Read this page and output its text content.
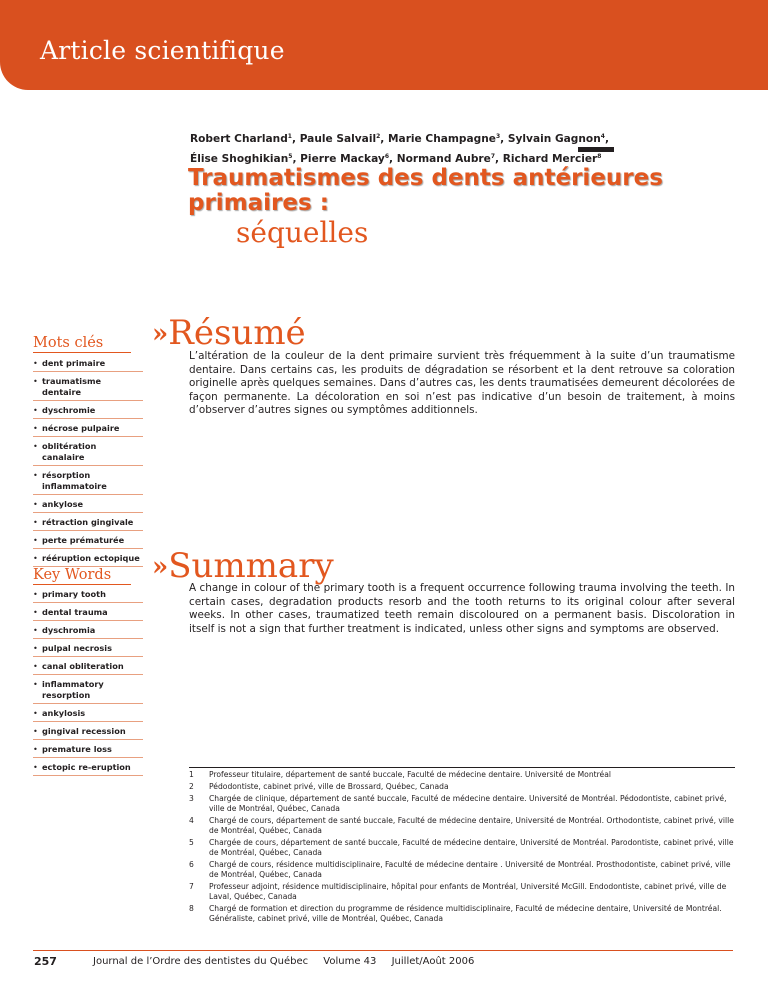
Article scientifique
Robert Charland$^1$, Paule Salvail$^2$, Marie Champagne$^3$, Sylvain Gagnon$^4$,
Élise Shoghikian$^5$, Pierre Mackay$^6$, Normand Aubre$^7$, Richard Mercier$^8$
Traumatismes des dents antérieures primaires :
séquelles
Mots clés
• dent primaire
• traumatisme dentaire
• dyschromie
• nécrose pulpaire
• oblitération canalaire
• résorption inflammatoire
• ankylose
• rétraction gingivale
• perte prématurée
• rééruption ectopique
Key Words
• primary tooth
• dental trauma
• dyschromia
• pulpal necrosis
• canal obliteration
• inflammatory resorption
• ankylosis
• gingival recession
• premature loss
• ectopic re-eruption
»Résumé
L’altération de la couleur de la dent primaire survient très fréquemment à la suite d’un traumatisme dentaire. Dans certains cas, les produits de dégradation se résorbent et la dent retrouve sa coloration originelle après quelques semaines. Dans d’autres cas, les dents traumatisées demeurent décolorées de façon permanente. La décoloration en soi n’est pas indicative d’un besoin de traitement, à moins d’observer d’autres signes ou symptômes additionnels.
»Summary
A change in colour of the primary tooth is a frequent occurrence following trauma involving the teeth. In certain cases, degradation products resorb and the tooth returns to its original colour after several weeks. In other cases, traumatized teeth remain discoloured on a permanent basis. Discoloration in itself is not a sign that further treatment is indicated, unless other signs and symptoms are observed.
1 Professeur titulaire, département de santé buccale, Faculté de médecine dentaire. Université de Montréal
2 Pédodontiste, cabinet privé, ville de Brossard, Québec, Canada
3 Chargée de clinique, département de santé buccale, Faculté de médecine dentaire. Université de Montréal. Pédodontiste, cabinet privé, ville de Montréal, Québec, Canada
4 Chargé de cours, département de santé buccale, Faculté de médecine dentaire, Université de Montréal. Orthodontiste, cabinet privé, ville de Montréal, Québec, Canada
5 Chargée de cours, département de santé buccale, Faculté de médecine dentaire, Université de Montréal. Parodontiste, cabinet privé, ville de Montréal, Québec, Canada
6 Chargé de cours, résidence multidisciplinaire, Faculté de médecine dentaire . Université de Montréal. Prosthodontiste, cabinet privé, ville de Montréal, Québec, Canada
7 Professeur adjoint, résidence multidisciplinaire, hôpital pour enfants de Montréal, Université McGill. Endodontiste, cabinet privé, ville de Laval, Québec, Canada
8 Chargé de formation et direction du programme de résidence multidisciplinaire, Faculté de médecine dentaire, Université de Montréal. Généraliste, cabinet privé, ville de Montréal, Québec, Canada
257	Journal de l’Ordre des dentistes du Québec Volume 43 Juillet/Août 2006
